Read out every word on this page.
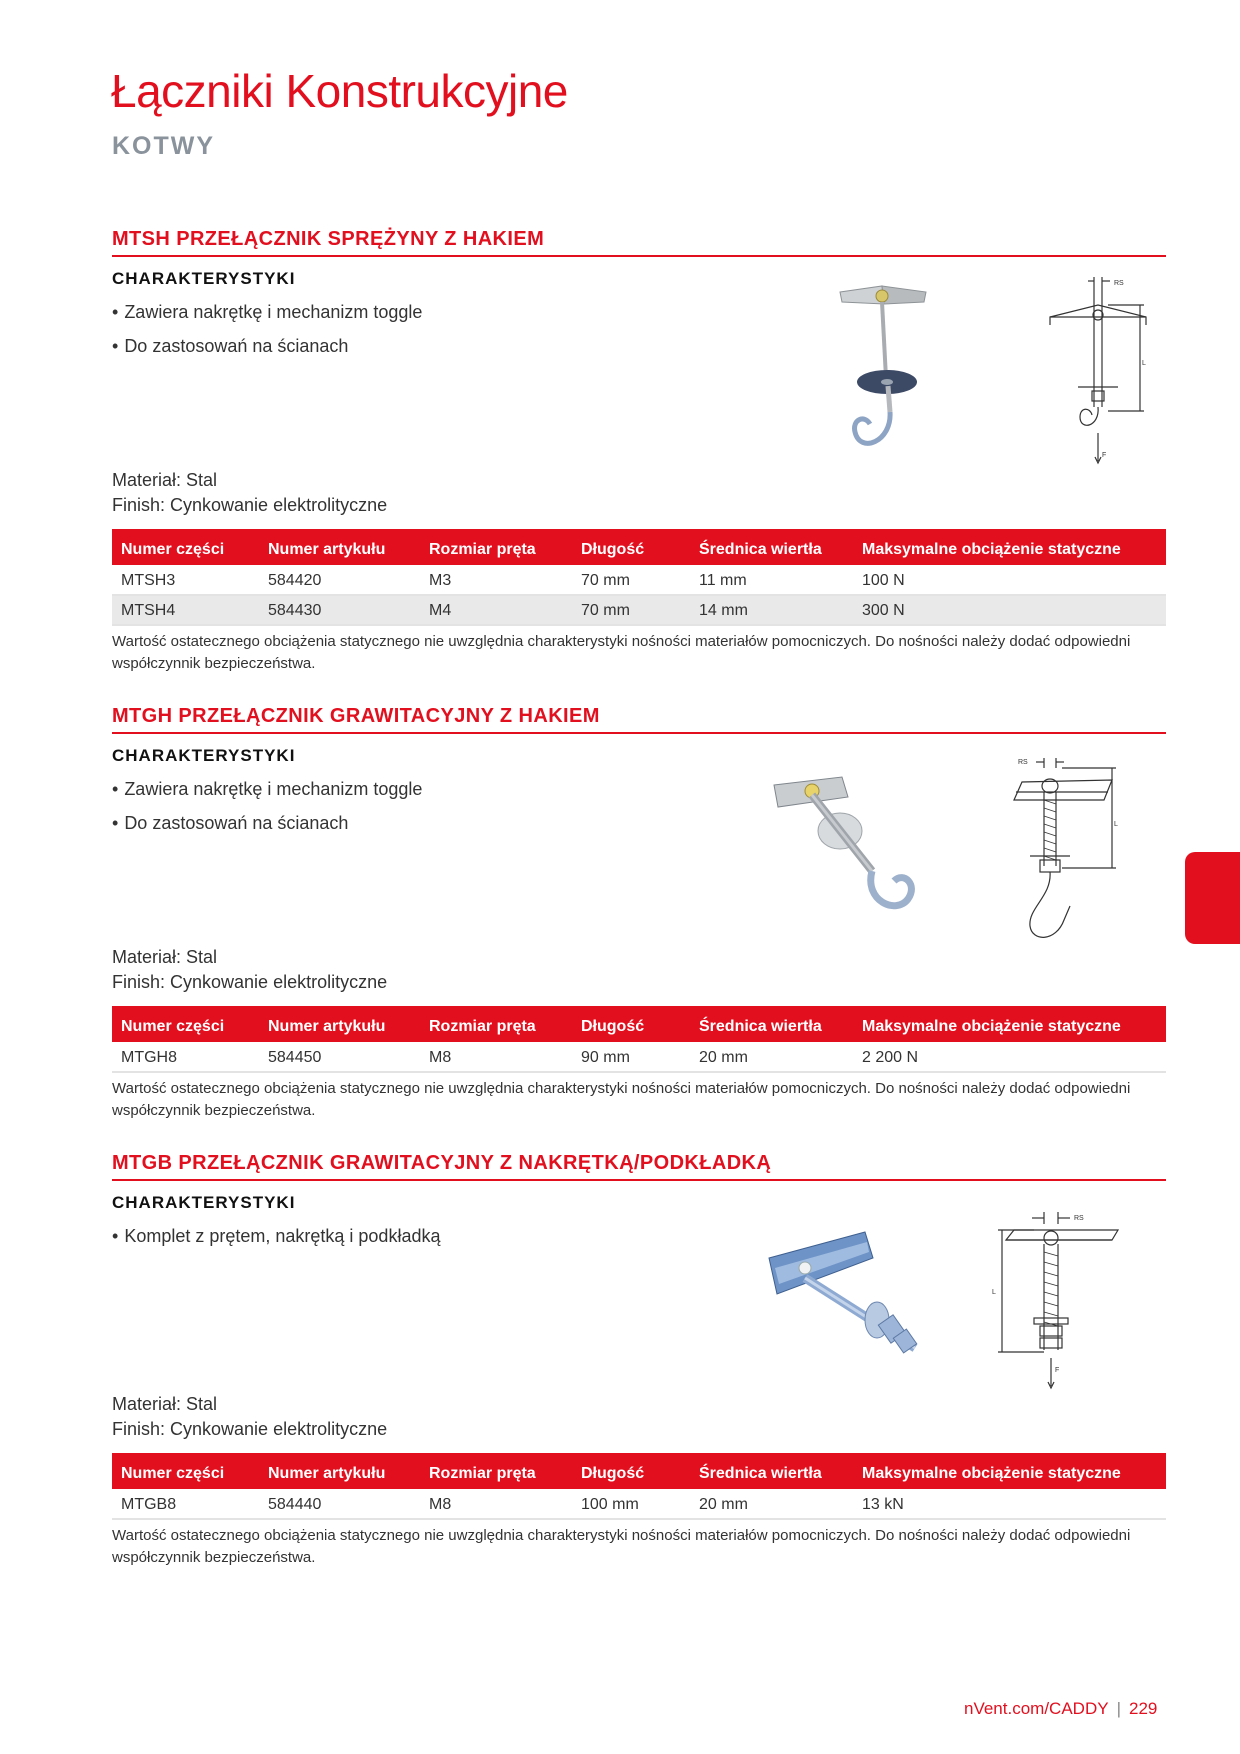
Łączniki Konstrukcyjne
KOTWY
MTSH PRZEŁĄCZNIK SPRĘŻYNY Z HAKIEM
CHARAKTERYSTYKI
• Zawiera nakrętkę i mechanizm toggle
• Do zastosowań na ścianach
Materiał: Stal
Finish: Cynkowanie elektrolityczne
Numer części	Numer artykułu	Rozmiar pręta	Długość	Średnica wiertła	Maksymalne obciążenie statyczne
MTSH3	584420	M3	70 mm	11 mm	100 N
MTSH4	584430	M4	70 mm	14 mm	300 N
Wartość ostatecznego obciążenia statycznego nie uwzględnia charakterystyki nośności materiałów pomocniczych. Do nośności należy dodać odpowiedni współczynnik bezpieczeństwa.
RS
L
F
MTGH PRZEŁĄCZNIK GRAWITACYJNY Z HAKIEM
CHARAKTERYSTYKI
• Zawiera nakrętkę i mechanizm toggle
• Do zastosowań na ścianach
Materiał: Stal
Finish: Cynkowanie elektrolityczne
Numer części	Numer artykułu	Rozmiar pręta	Długość	Średnica wiertła	Maksymalne obciążenie statyczne
MTGH8	584450	M8	90 mm	20 mm	2 200 N
Wartość ostatecznego obciążenia statycznego nie uwzględnia charakterystyki nośności materiałów pomocniczych. Do nośności należy dodać odpowiedni współczynnik bezpieczeństwa.
RS
L
MTGB PRZEŁĄCZNIK GRAWITACYJNY Z NAKRĘTKĄ/PODKŁADKĄ
CHARAKTERYSTYKI
• Komplet z prętem, nakrętką i podkładką
Materiał: Stal
Finish: Cynkowanie elektrolityczne
Numer części	Numer artykułu	Rozmiar pręta	Długość	Średnica wiertła	Maksymalne obciążenie statyczne
MTGB8	584440	M8	100 mm	20 mm	13 kN
Wartość ostatecznego obciążenia statycznego nie uwzględnia charakterystyki nośności materiałów pomocniczych. Do nośności należy dodać odpowiedni współczynnik bezpieczeństwa.
RS
L
F
nVent.com/CADDY | 229
